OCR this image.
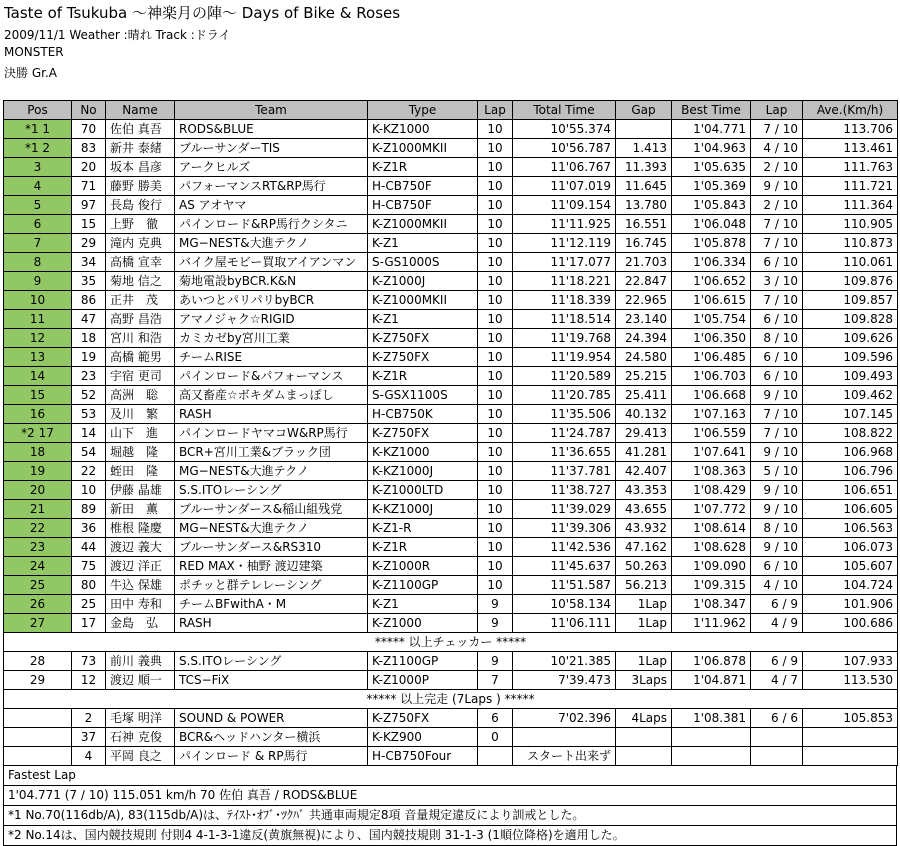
Taste of Tsukuba ～神楽月の陣～ Days of Bike & Roses
2009/11/1 Weather :晴れ Track :ドライ
MONSTER
決勝 Gr.A
Pos	No	Name	Team	Type	Lap	Total Time	Gap	Best Time	Lap	Ave.(Km/h)
*1 1	70	佐伯 真吾	RODS&BLUE	K-KZ1000	10	10'55.374		1'04.771	7 / 10	113.706
*1 2	83	新井 泰緒	ブルーサンダーTIS	K-Z1000MKII	10	10'56.787	1.413	1'04.963	4 / 10	113.461
3	20	坂本 昌彦	アークヒルズ	K-Z1R	10	11'06.767	11.393	1'05.635	2 / 10	111.763
4	71	藤野 勝美	パフォーマンスRT&RP馬行	H-CB750F	10	11'07.019	11.645	1'05.369	9 / 10	111.721
5	97	長島 俊行	AS アオヤマ	H-CB750F	10	11'09.154	13.780	1'05.843	2 / 10	111.364
6	15	上野　徹	パインロード&RP馬行クシタニ	K-Z1000MKII	10	11'11.925	16.551	1'06.048	7 / 10	110.905
7	29	滝内 克典	MG−NEST&大進テクノ	K-Z1	10	11'12.119	16.745	1'05.878	7 / 10	110.873
8	34	高橋 宣幸	バイク屋モビー買取アイアンマン	S-GS1000S	10	11'17.077	21.703	1'06.334	6 / 10	110.061
9	35	菊地 信之	菊地電設byBCR.K&N	K-Z1000J	10	11'18.221	22.847	1'06.652	3 / 10	109.876
10	86	正井　茂	あいつとパリパリbyBCR	K-Z1000MKII	10	11'18.339	22.965	1'06.615	7 / 10	109.857
11	47	高野 昌浩	アマノジャク☆RIGID	K-Z1	10	11'18.514	23.140	1'05.754	6 / 10	109.828
12	18	宮川 和浩	カミカゼby宮川工業	K-Z750FX	10	11'19.768	24.394	1'06.350	8 / 10	109.626
13	19	高橋 範男	チームRISE	K-Z750FX	10	11'19.954	24.580	1'06.485	6 / 10	109.596
14	23	宇宿 更司	パインロード&パフォーマンス	K-Z1R	10	11'20.589	25.215	1'06.703	6 / 10	109.493
15	52	高洲　聡	高又畜産☆ボキダムまっぽし	S-GSX1100S	10	11'20.785	25.411	1'06.668	9 / 10	109.462
16	53	及川　繁	RASH	H-CB750K	10	11'35.506	40.132	1'07.163	7 / 10	107.145
*2 17	14	山下　進	パインロードヤマコW&RP馬行	K-Z750FX	10	11'24.787	29.413	1'06.559	7 / 10	108.822
18	54	堀越　隆	BCR+宮川工業&ブラック団	K-KZ1000	10	11'36.655	41.281	1'07.641	9 / 10	106.968
19	22	蛭田　隆	MG−NEST&大進テクノ	K-KZ1000J	10	11'37.781	42.407	1'08.363	5 / 10	106.796
20	10	伊藤 晶雄	S.S.ITOレーシング	K-Z1000LTD	10	11'38.727	43.353	1'08.429	9 / 10	106.651
21	89	新田　薫	ブルーサンダース&稲山組残党	K-KZ1000J	10	11'39.029	43.655	1'07.772	9 / 10	106.605
22	36	椎根 隆慶	MG−NEST&大進テクノ	K-Z1-R	10	11'39.306	43.932	1'08.614	8 / 10	106.563
23	44	渡辺 義大	ブルーサンダース&RS310	K-Z1R	10	11'42.536	47.162	1'08.628	9 / 10	106.073
24	75	渡辺 洋正	RED MAX・柚野 渡辺建築	K-Z1000R	10	11'45.637	50.263	1'09.090	6 / 10	105.607
25	80	牛込 保雄	ポチッと群テレレーシング	K-Z1100GP	10	11'51.587	56.213	1'09.315	4 / 10	104.724
26	25	田中 寿和	チームBFwithA・M	K-Z1	9	10'58.134	1Lap	1'08.347	6 / 9	101.906
27	17	金島　弘	RASH	K-Z1000	9	11'06.111	1Lap	1'11.962	4 / 9	100.686
***** 以上チェッカー *****										
28	73	前川 義典	S.S.ITOレーシング	K-Z1100GP	9	10'21.385	1Lap	1'06.878	6 / 9	107.933
29	12	渡辺 順一	TCS−FiX	K-Z1000P	7	7'39.473	3Laps	1'04.871	4 / 7	113.530
***** 以上完走 (7Laps ) *****										
	2	毛塚 明洋	SOUND & POWER	K-Z750FX	6	7'02.396	4Laps	1'08.381	6 / 6	105.853
	37	石神 克俊	BCR&ヘッドハンター横浜	K-KZ900	0					
	4	平岡 良之	パインロード & RP馬行	H-CB750Four		スタート出来ず				
Fastest Lap
1'04.771 (7 / 10) 115.051 km/h 70 佐伯 真吾 / RODS&BLUE
*1 No.70(116db/A), 83(115db/A)は、ﾃｲｽﾄ･ｵﾌﾞ･ﾂｸﾊﾞ 共通車両規定8項 音量規定違反により訓戒とした。
*2 No.14は、国内競技規則 付則4 4-1-3-1違反(黄旗無視)により、国内競技規則 31-1-3 (1順位降格)を適用した。
